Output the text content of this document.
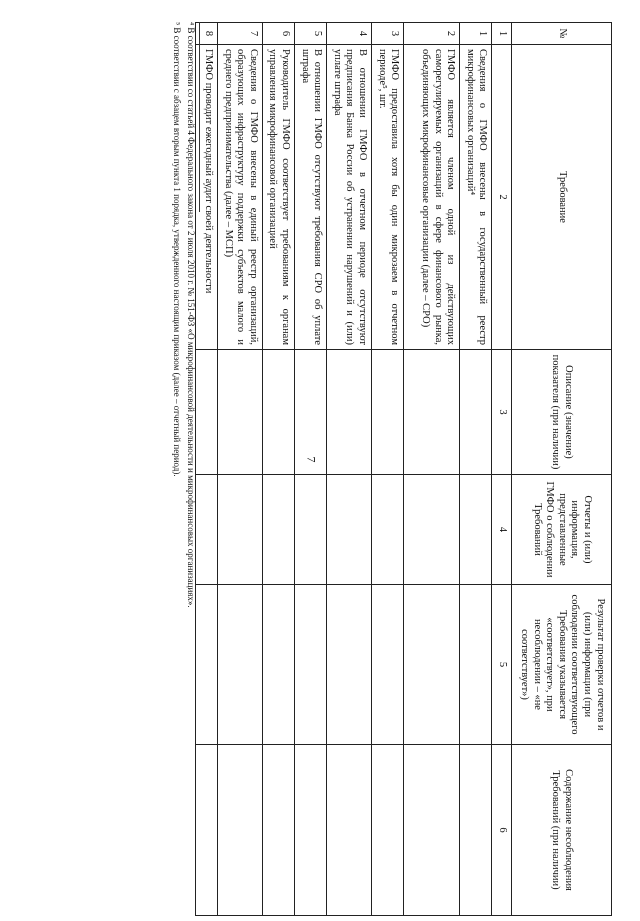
7
№	Требование	Описание (значение) показателя (при наличии)	Отчеты и (или) информация, представленные ГМФО о соблюдении Требований	Результат проверки отчетов и (или) информации (при соблюдении соответствующего Требования указывается «соответствует», при несоблюдении – «не соответствует»)	Содержание несоблюдения Требований (при наличии)
1	2	3	4	5	6
1	Сведения о ГМФО внесены в государственный реестр микрофинансовых организаций⁴				
2	ГМФО является членом одной из действующих саморегулируемых организаций в сфере финансового рынка, объединяющих микрофинансовые организации (далее – СРО)				
3	ГМФО предоставила хотя бы один микрозаем в отчетном периоде⁵, шт.				
4	В отношении ГМФО в отчетном периоде отсутствуют предписания Банка России об устранении нарушений и (или) уплате штрафа				
5	В отношении ГМФО отсутствуют требования СРО об уплате штрафа				
6	Руководитель ГМФО соответствует требованиям к органам управления микрофинансовой организацией				
7	Сведения о ГМФО внесены в единый реестр организаций, образующих инфраструктуру поддержки субъектов малого и среднего предпринимательства (далее – МСП)				
8	ГМФО проводит ежегодный аудит своей деятельности				
⁴ В соответствии со статьей 4 Федерального закона от 2 июля 2010 г. № 151-ФЗ «О микрофинансовой деятельности и микрофинансовых организациях».
⁵ В соответствии с абзацем вторым пункта 1 порядка, утвержденного настоящим приказом (далее – отчетный период).
